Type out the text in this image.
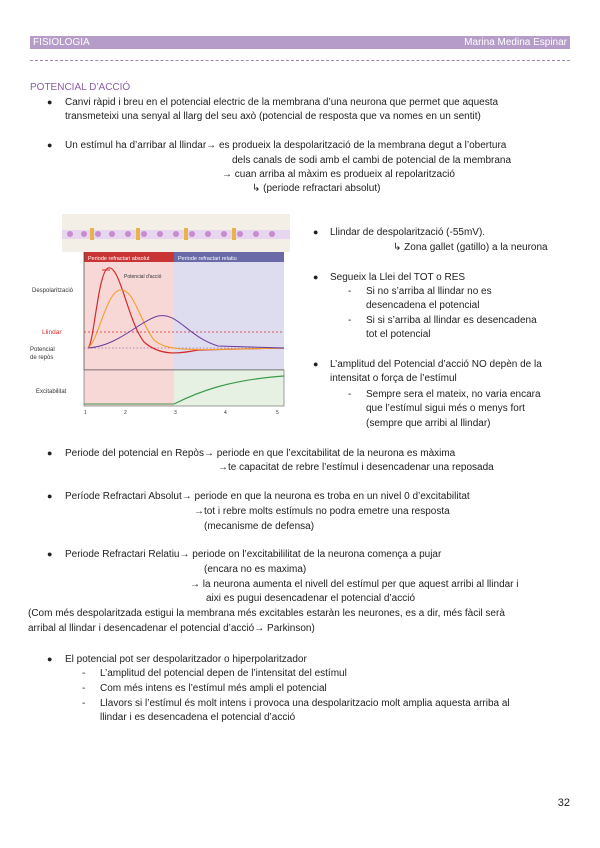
FISIOLOGIA	Marina Medina Espinar
POTENCIAL D’ACCIÓ
● Canvi ràpid i breu en el potencial electric de la membrana d’una neurona que permet que aquesta
transmeteixi una senyal al llarg del seu axò (potencial de resposta que va nomes en un sentit)
● Un estímul ha d’arribar al llindar→ es produeix la despolarització de la membrana degut a l’obertura
dels canals de sodi amb el cambi de potencial de la membrana
→ cuan arriba al màxim es produeix al repolarització
↳ (periode refractari absolut)
Periode refractari absolut	Periode refractari relatiu
Potencial d'acció
Despolarització
Llindar
Potencial
de repòs
Excitabilitat
1	2	3	4	5
● Llindar de despolarització (-55mV).
↳ Zona gallet (gatillo) a la neurona
● Segueix la Llei del TOT o RES
- Si no s’arriba al llindar no es
desencadena el potencial
- Si si s’arriba al llindar es desencadena
tot el potencial
● L’amplitud del Potencial d’acció NO depèn de la
intensitat o força de l’estímul
- Sempre sera el mateix, no varia encara
que l’estímul sigui més o menys fort
(sempre que arribi al llindar)
● Periode del potencial en Repòs→ periode en que l’excitabilitat de la neurona es màxima
→te capacitat de rebre l’estímul i desencadenar una reposada
● Període Refractari Absolut→ periode en que la neurona es troba en un nivel 0 d’excitabilitat
→tot i rebre molts estímuls no podra emetre una resposta
(mecanisme de defensa)
● Periode Refractari Relatiu→ periode on l’excitabililitat de la neurona comença a pujar
(encara no es maxima)
→ la neurona aumenta el nivell del estímul per que aquest arribi al llindar i
aixi es pugui desencadenar el potencial d’acció
(Com més despolaritzada estigui la membrana més excitables estaràn les neurones, es a dir, més fàcil serà
arribal al llindar i desencadenar el potencial d’acció→ Parkinson)
● El potencial pot ser despolaritzador o hiperpolaritzador
- L’amplitud del potencial depen de l’intensitat del estímul
- Com més intens es l’estímul més ampli el potencial
- Llavors si l’estímul és molt intens i provoca una despolaritzacio molt amplia aquesta arriba al
llindar i es desencadena el potencial d’acció
32
